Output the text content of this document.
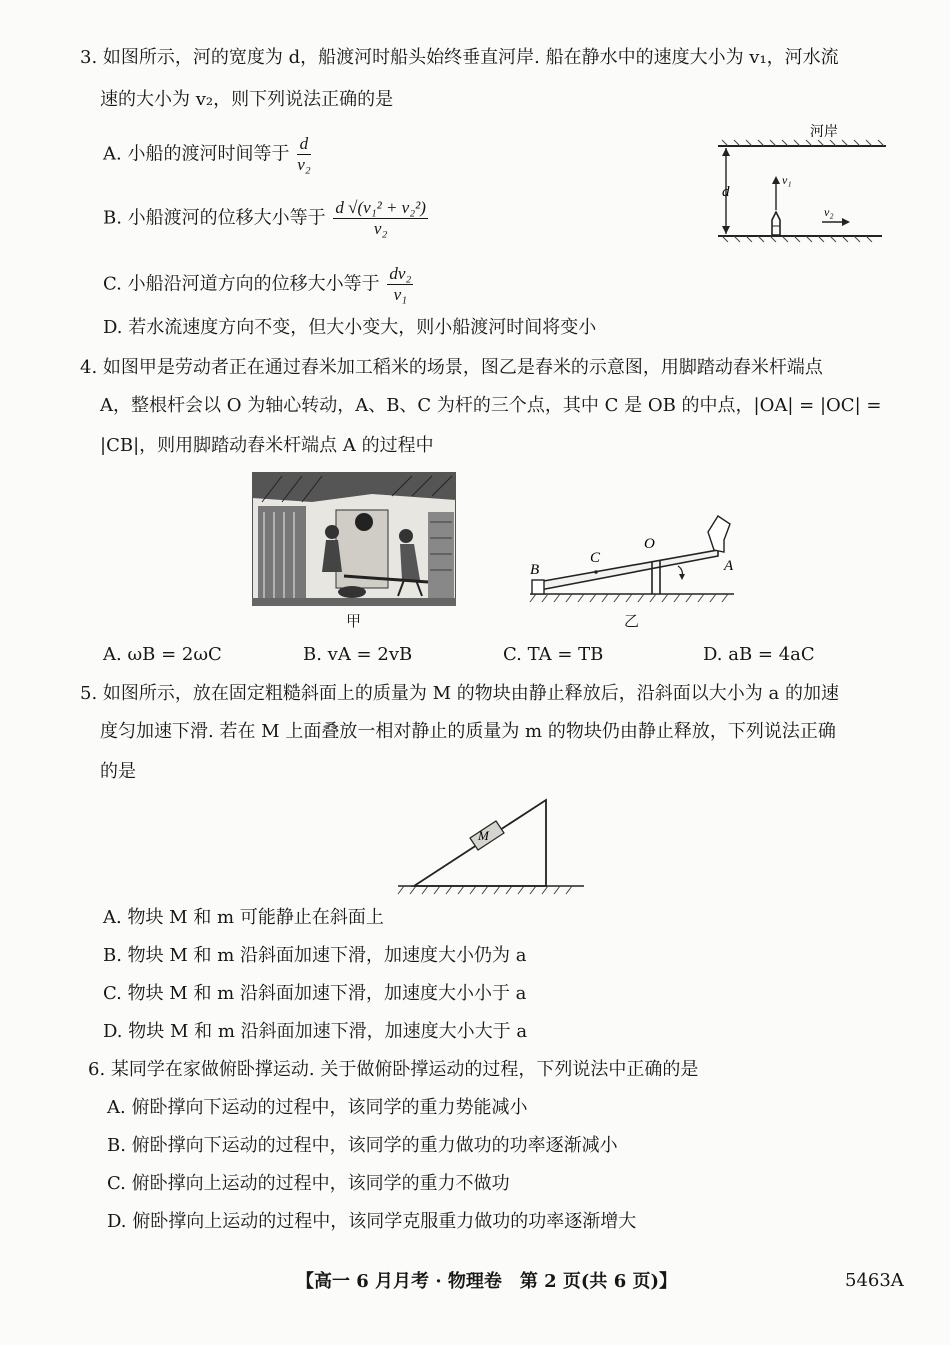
3. 如图所示，河的宽度为 d，船渡河时船头始终垂直河岸. 船在静水中的速度大小为 v₁，河水流
速的大小为 v₂，则下列说法正确的是
A. 小船的渡河时间等于 $\frac{d}{\text{v₂}}$
B. 小船渡河的位移大小等于 $\frac{\text{d √(v₁² + v₂²)}}{\text{v₂}}$
C. 小船沿河道方向的位移大小等于 $\frac{\text{dv₂}}{\text{v₁}}$
D. 若水流速度方向不变，但大小变大，则小船渡河时间将变小
d
河岸
v₁
v₂
4. 如图甲是劳动者正在通过舂米加工稻米的场景，图乙是舂米的示意图，用脚踏动舂米杆端点
A，整根杆会以 O 为轴心转动，A、B、C 为杆的三个点，其中 C 是 OB 的中点，|OA| = |OC| =
|CB|，则用脚踏动舂米杆端点 A 的过程中
甲
B
C
O
A
乙
A. ωB = 2ωC	B. vA = 2vB	C. TA = TB	D. aB = 4aC
5. 如图所示，放在固定粗糙斜面上的质量为 M 的物块由静止释放后，沿斜面以大小为 a 的加速
度匀加速下滑. 若在 M 上面叠放一相对静止的质量为 m 的物块仍由静止释放，下列说法正确
的是
M
A. 物块 M 和 m 可能静止在斜面上
B. 物块 M 和 m 沿斜面加速下滑，加速度大小仍为 a
C. 物块 M 和 m 沿斜面加速下滑，加速度大小小于 a
D. 物块 M 和 m 沿斜面加速下滑，加速度大小大于 a
6. 某同学在家做俯卧撑运动. 关于做俯卧撑运动的过程，下列说法中正确的是
A. 俯卧撑向下运动的过程中，该同学的重力势能减小
B. 俯卧撑向下运动的过程中，该同学的重力做功的功率逐渐减小
C. 俯卧撑向上运动的过程中，该同学的重力不做功
D. 俯卧撑向上运动的过程中，该同学克服重力做功的功率逐渐增大
【高一 6 月月考 · 物理卷　第 2 页(共 6 页)】	5463A
